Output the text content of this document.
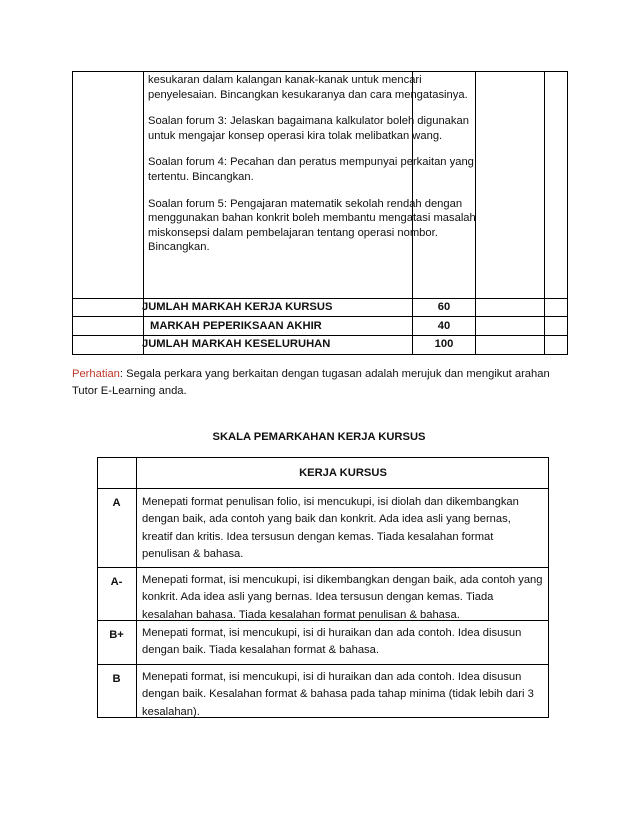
kesukaran dalam kalangan kanak-kanak untuk mencari penyelesaian. Bincangkan kesukaranya dan cara mengatasinya.

Soalan forum 3: Jelaskan bagaimana kalkulator boleh digunakan untuk mengajar konsep operasi kira tolak melibatkan wang.

Soalan forum 4: Pecahan dan peratus mempunyai perkaitan yang tertentu. Bincangkan.

Soalan forum 5: Pengajaran matematik sekolah rendah dengan menggunakan bahan konkrit boleh membantu mengatasi masalah miskonsepsi dalam pembelajaran tentang operasi nombor. Bincangkan.

JUMLAH MARKAH KERJA KURSUS	60
MARKAH PEPERIKSAAN AKHIR	40
JUMLAH MARKAH KESELURUHAN	100
Perhatian: Segala perkara yang berkaitan dengan tugasan adalah merujuk dan mengikut arahan Tutor E-Learning anda.
SKALA PEMARKAHAN KERJA KURSUS
KERJA KURSUS
A	Menepati format penulisan folio, isi mencukupi, isi diolah dan dikembangkan dengan baik, ada contoh yang baik dan konkrit. Ada idea asli yang bernas, kreatif dan kritis. Idea tersusun dengan kemas. Tiada kesalahan format penulisan & bahasa.
A-	Menepati format, isi mencukupi, isi dikembangkan dengan baik, ada contoh yang konkrit. Ada idea asli yang bernas. Idea tersusun dengan kemas. Tiada kesalahan bahasa. Tiada kesalahan format penulisan & bahasa.
B+	Menepati format, isi mencukupi, isi di huraikan dan ada contoh. Idea disusun dengan baik. Tiada kesalahan format & bahasa.
B	Menepati format, isi mencukupi, isi di huraikan dan ada contoh. Idea disusun dengan baik. Kesalahan format & bahasa pada tahap minima (tidak lebih dari 3 kesalahan).
